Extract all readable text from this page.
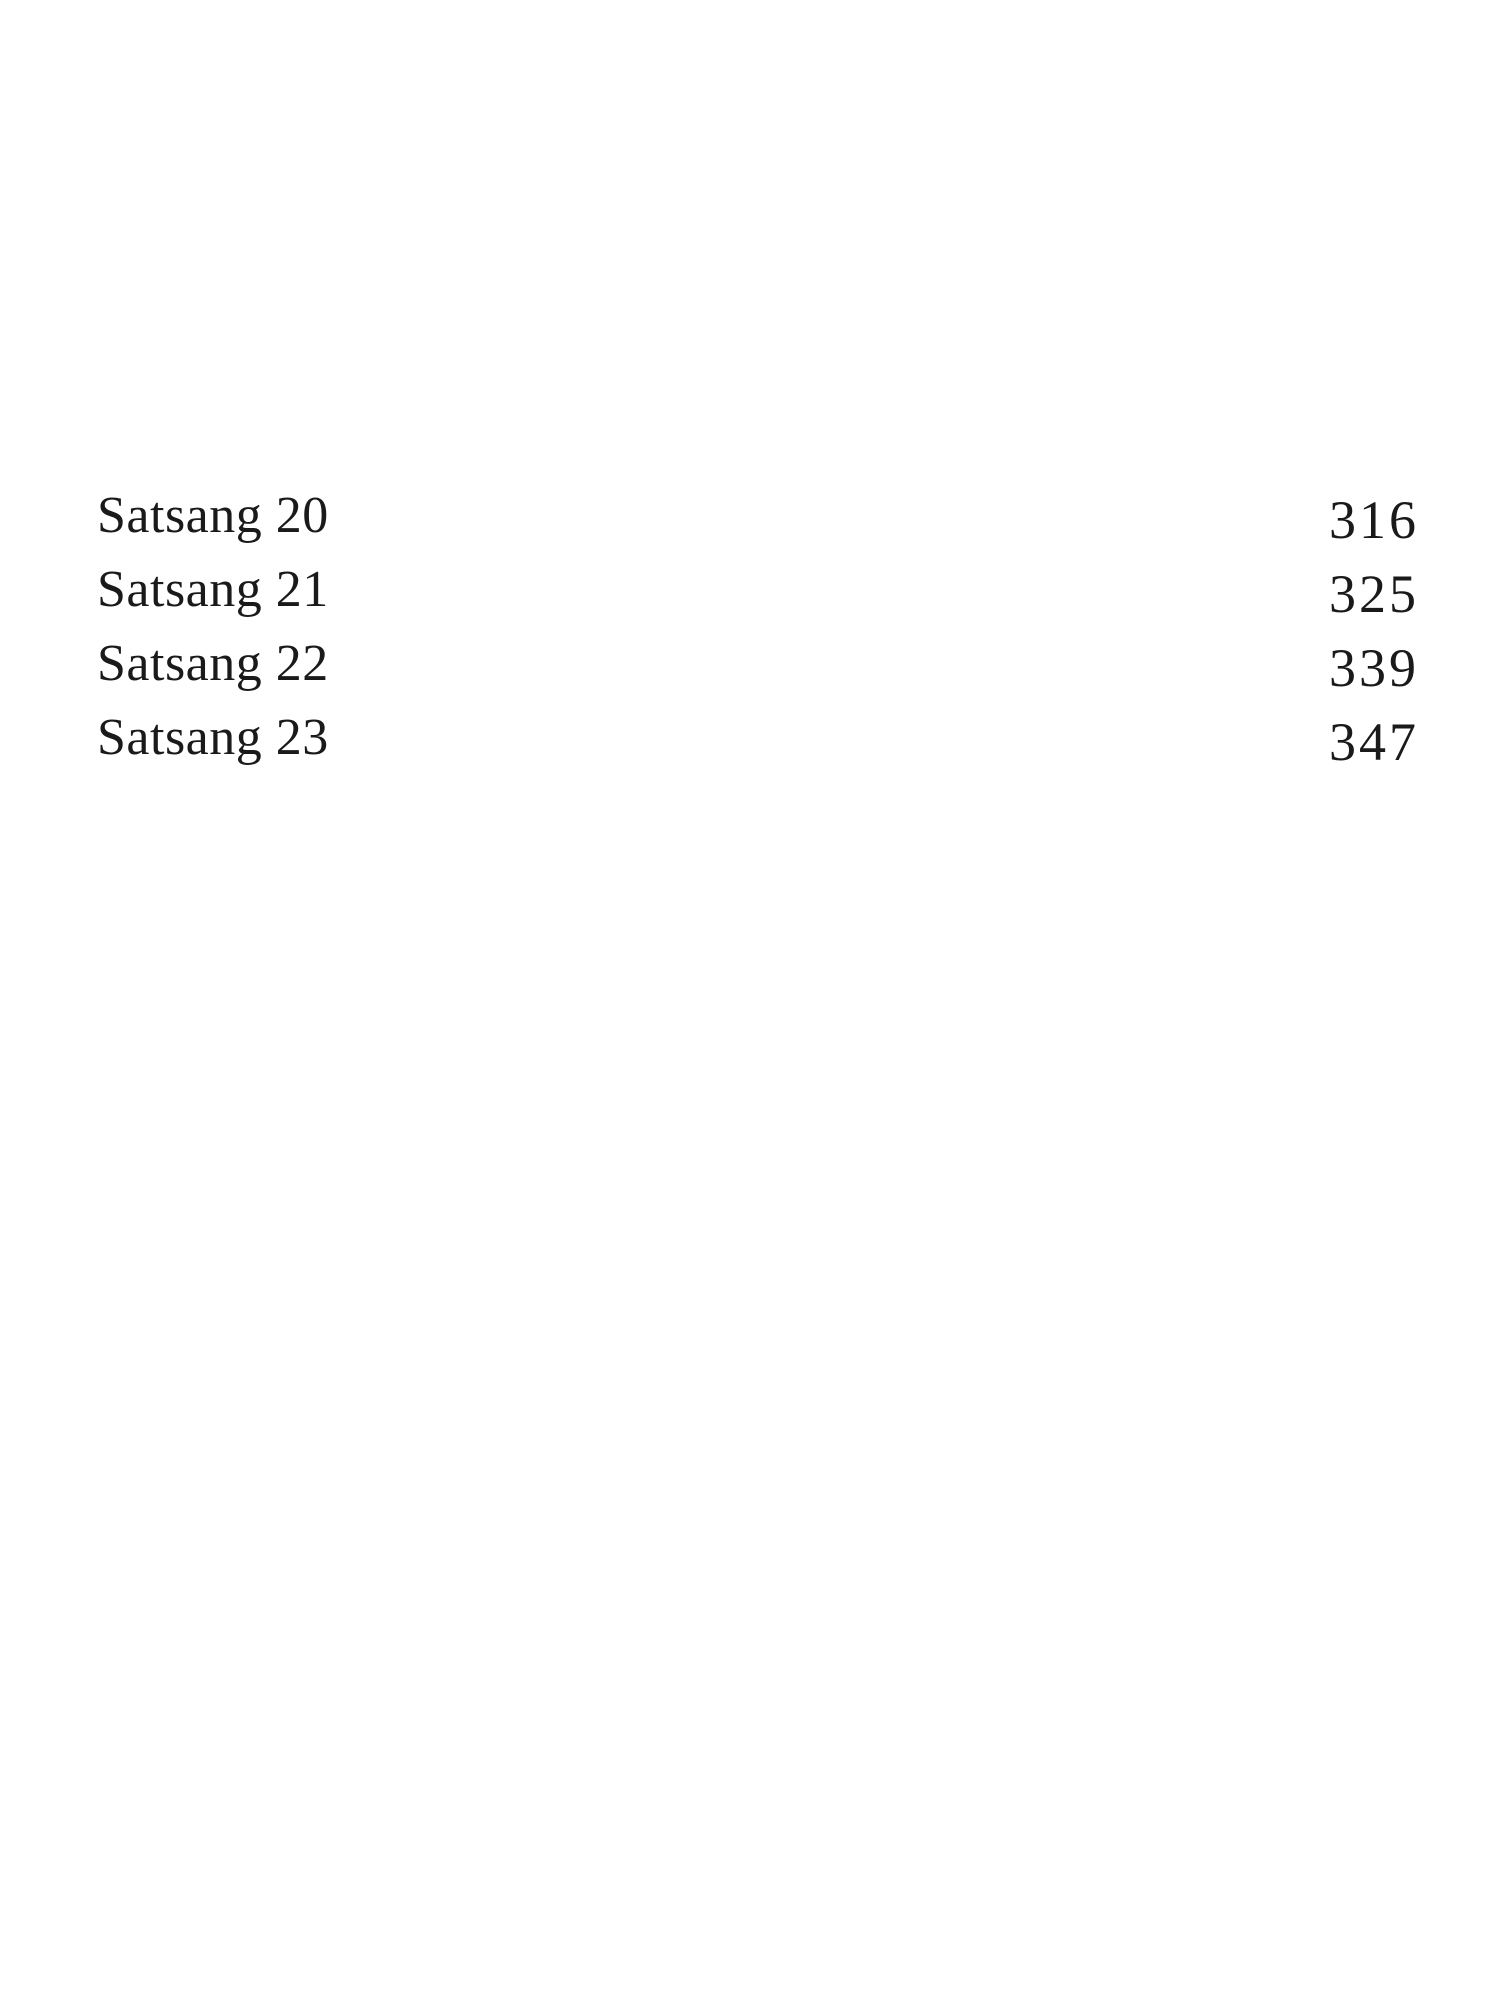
Satsang 20	316
Satsang 21	325
Satsang 22	339
Satsang 23	347
